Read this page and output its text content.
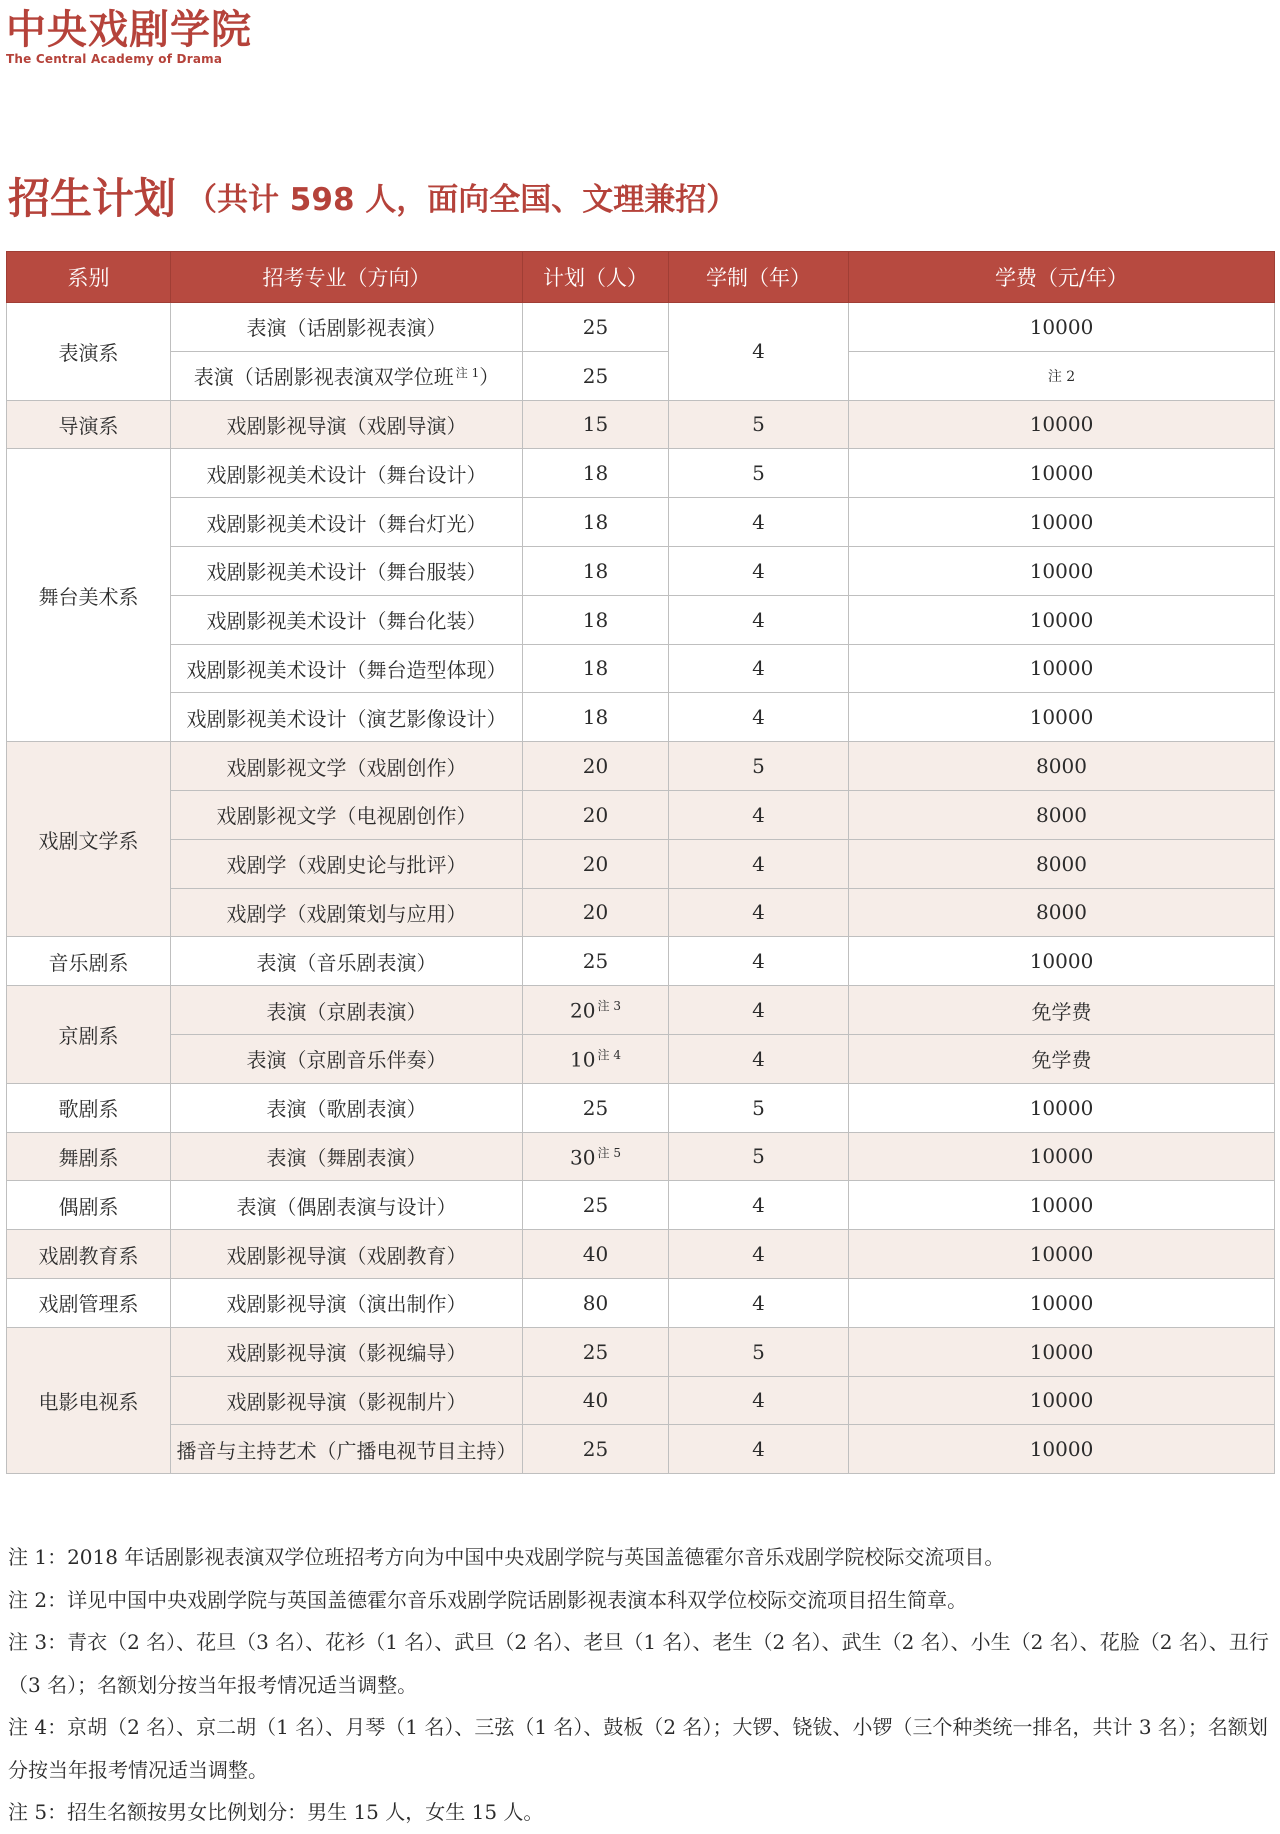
中央戏剧学院
The Central Academy of Drama
招生计划 （共计 598 人，面向全国、文理兼招）
系别	招考专业（方向）	计划（人）	学制（年）	学费（元/年）
表演系	表演（话剧影视表演）	25	4	10000
	表演（话剧影视表演双学位班 $^{注 1}$）	25		注 2
导演系	戏剧影视导演（戏剧导演）	15	5	10000
舞台美术系	戏剧影视美术设计（舞台设计）	18	5	10000
	戏剧影视美术设计（舞台灯光）	18	4	10000
	戏剧影视美术设计（舞台服装）	18	4	10000
	戏剧影视美术设计（舞台化装）	18	4	10000
	戏剧影视美术设计（舞台造型体现）	18	4	10000
	戏剧影视美术设计（演艺影像设计）	18	4	10000
戏剧文学系	戏剧影视文学（戏剧创作）	20	5	8000
	戏剧影视文学（电视剧创作）	20	4	8000
	戏剧学（戏剧史论与批评）	20	4	8000
	戏剧学（戏剧策划与应用）	20	4	8000
音乐剧系	表演（音乐剧表演）	25	4	10000
京剧系	表演（京剧表演）	20 $^{注 3}$	4	免学费
	表演（京剧音乐伴奏）	10 $^{注 4}$	4	免学费
歌剧系	表演（歌剧表演）	25	5	10000
舞剧系	表演（舞剧表演）	30 $^{注 5}$	5	10000
偶剧系	表演（偶剧表演与设计）	25	4	10000
戏剧教育系	戏剧影视导演（戏剧教育）	40	4	10000
戏剧管理系	戏剧影视导演（演出制作）	80	4	10000
电影电视系	戏剧影视导演（影视编导）	25	5	10000
	戏剧影视导演（影视制片）	40	4	10000
	播音与主持艺术（广播电视节目主持）	25	4	10000

注 1：2018 年话剧影视表演双学位班招考方向为中国中央戏剧学院与英国盖德霍尔音乐戏剧学院校际交流项目。

注 2：详见中国中央戏剧学院与英国盖德霍尔音乐戏剧学院话剧影视表演本科双学位校际交流项目招生简章。

注 3：青衣（2 名）、花旦（3 名）、花衫（1 名）、武旦（2 名）、老旦（1 名）、老生（2 名）、武生（2 名）、小生（2 名）、花脸（2 名）、丑行（3 名）；名额划分按当年报考情况适当调整。

注 4：京胡（2 名）、京二胡（1 名）、月琴（1 名）、三弦（1 名）、鼓板（2 名）；大锣、铙钹、小锣（三个种类统一排名，共计 3 名）；名额划分按当年报考情况适当调整。

注 5：招生名额按男女比例划分：男生 15 人，女生 15 人。
